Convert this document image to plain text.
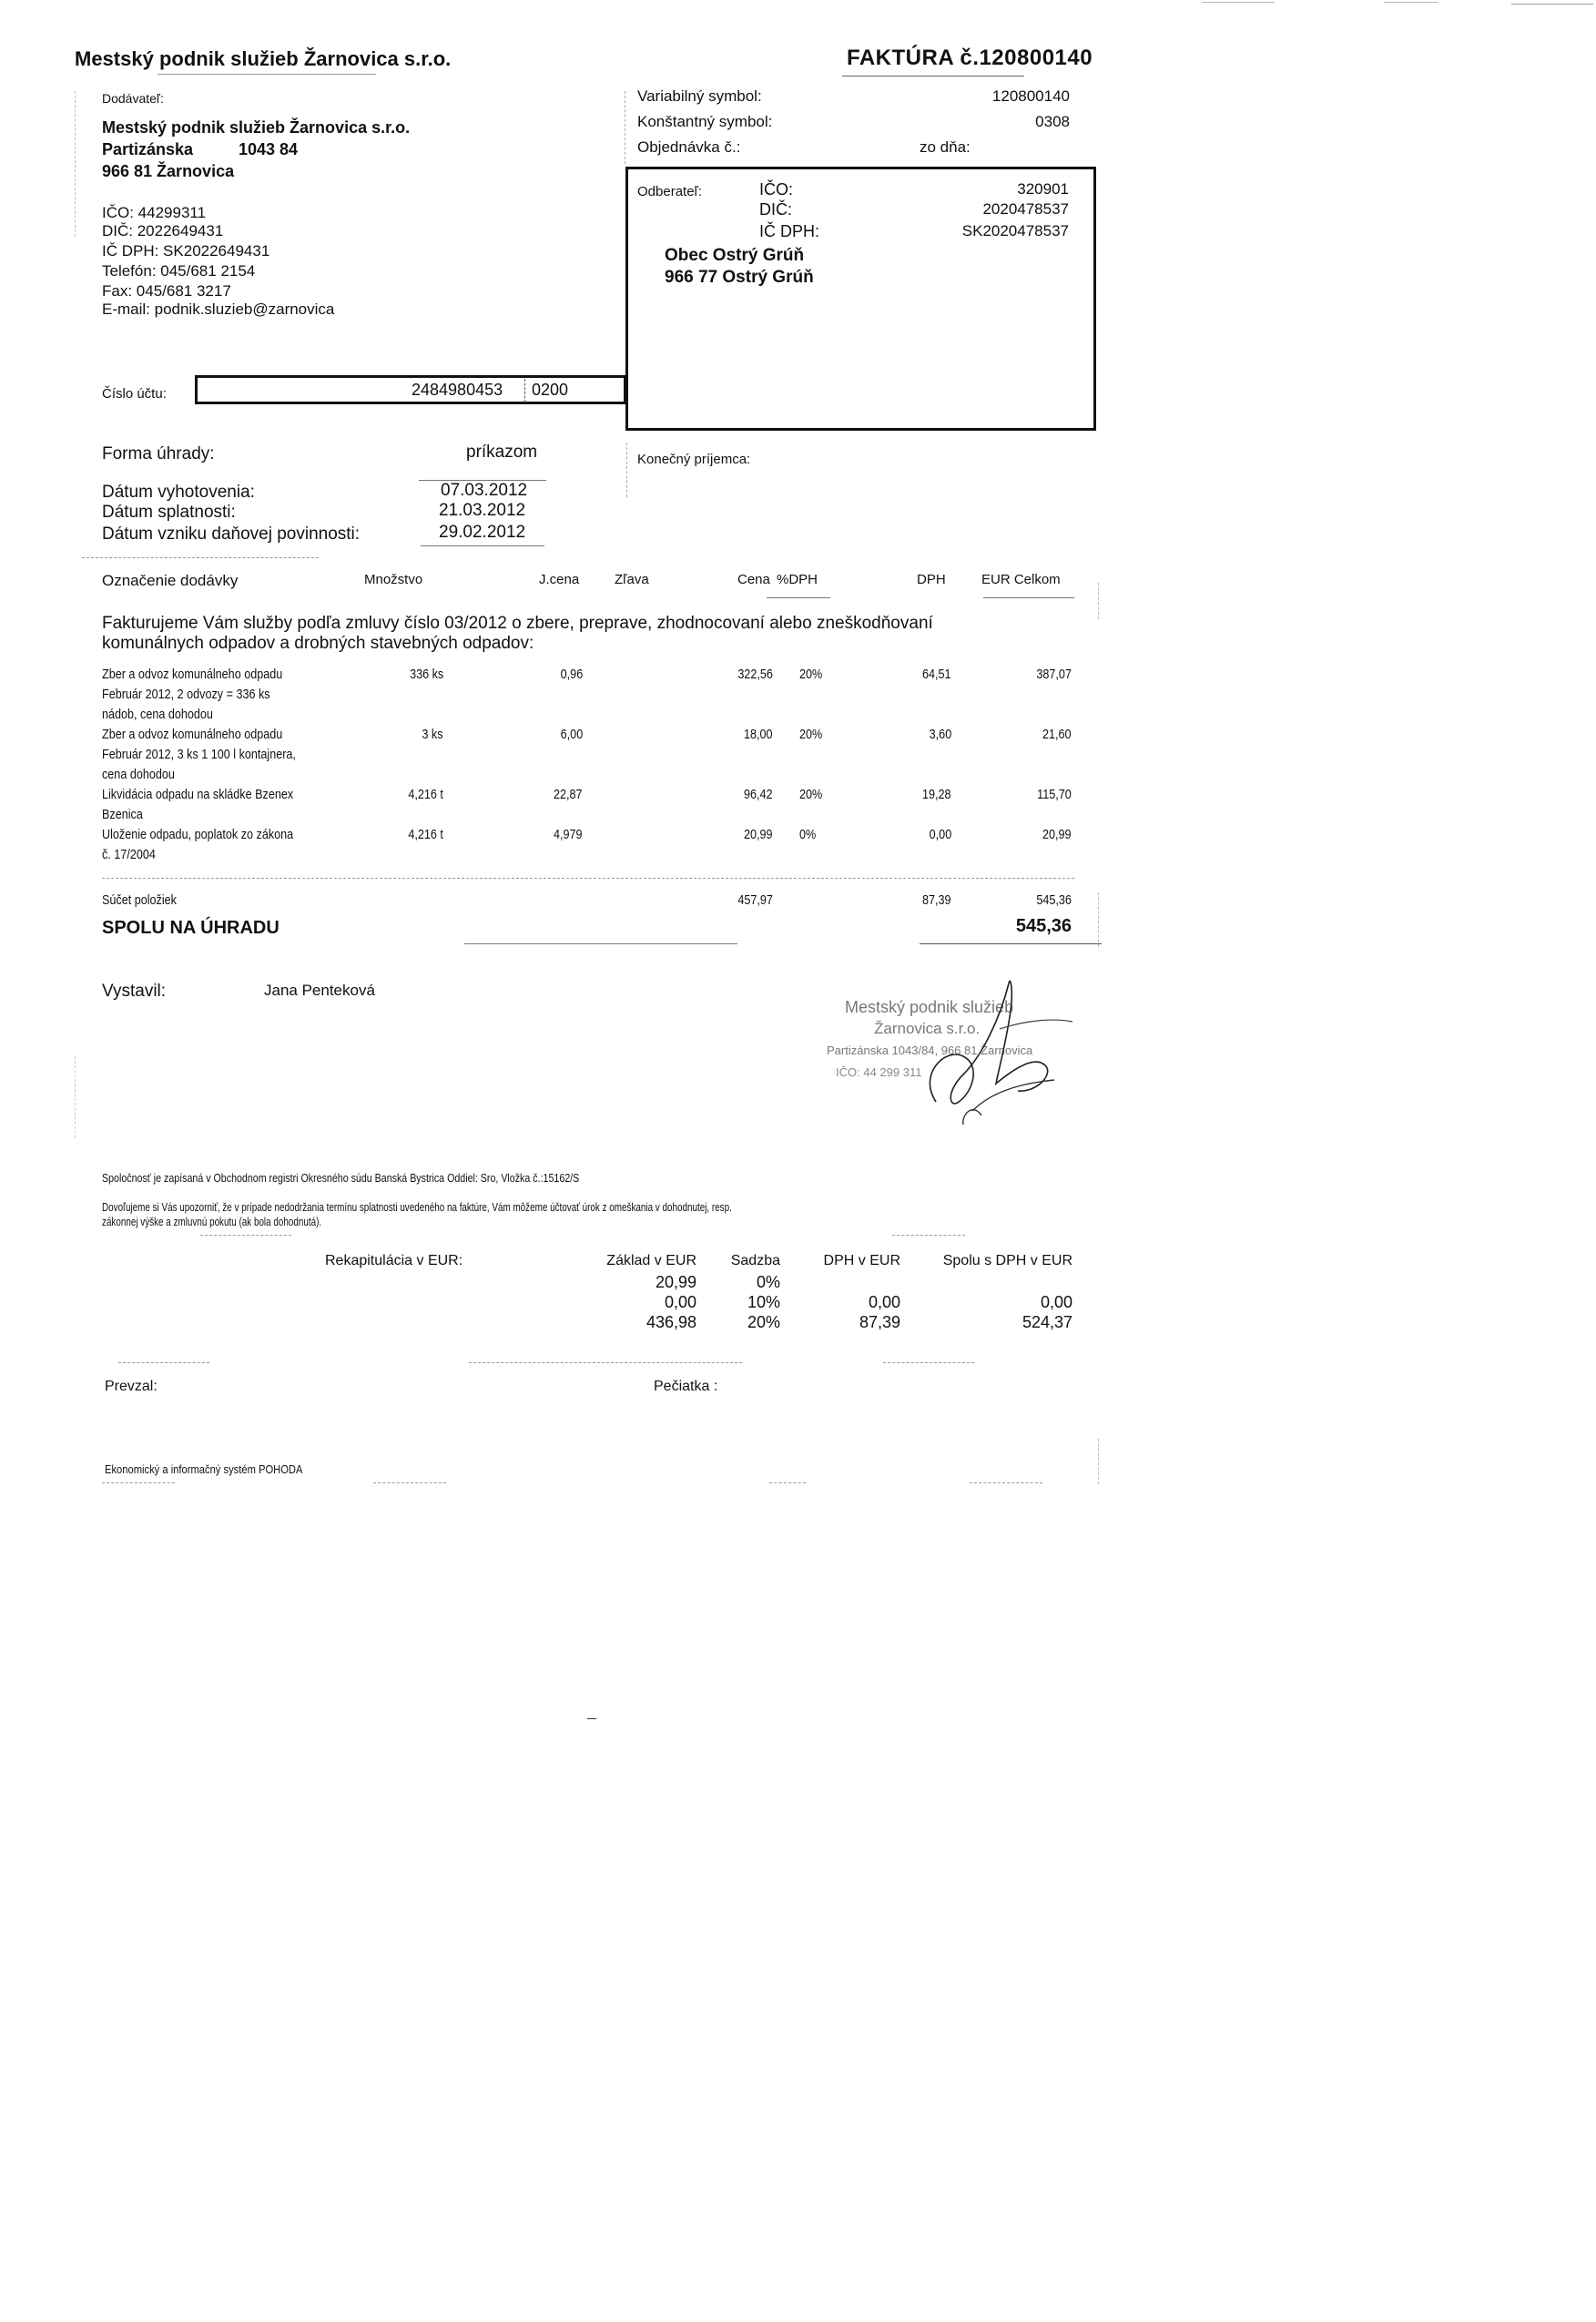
Mestský podnik služieb Žarnovica s.r.o.	FAKTÚRA č.120800140
Dodávateľ:
Mestský podnik služieb Žarnovica s.r.o.
Partizánska	1043 84
966 81 Žarnovica
IČO: 44299311
DIČ: 2022649431
IČ DPH: SK2022649431
Telefón: 045/681 2154
Fax: 045/681 3217
E-mail: podnik.sluzieb@zarnovica
Variabilný symbol:	120800140
Konštantný symbol:	0308
Objednávka č.:	zo dňa:
Odberateľ:	IČO:	320901
DIČ:	2020478537
IČ DPH:	SK2020478537
Obec Ostrý Grúň
966 77 Ostrý Grúň
Číslo účtu:	2484980453 0200
Forma úhrady:	príkazom	Konečný príjemca:
Dátum vyhotovenia:	07.03.2012
Dátum splatnosti:	21.03.2012
Dátum vzniku daňovej povinnosti:	29.02.2012
Označenie dodávky	Množstvo	J.cena	Zľava	Cena %DPH	DPH	EUR Celkom
Fakturujeme Vám služby podľa zmluvy číslo 03/2012 o zbere, preprave, zhodnocovaní alebo zneškodňovaní
komunálnych odpadov a drobných stavebných odpadov:
Zber a odvoz komunálneho odpadu
Február 2012, 2 odvozy = 336 ks
nádob, cena dohodou
336 ks	0,96	322,56 20%	64,51	387,07
Zber a odvoz komunálneho odpadu
Február 2012, 3 ks 1 100 l kontajnera,
cena dohodou
3 ks	6,00	18,00 20%	3,60	21,60
Likvidácia odpadu na skládke Bzenex
Bzenica
4,216 t	22,87	96,42 20%	19,28	115,70
Uloženie odpadu, poplatok zo zákona
č. 17/2004
4,216 t	4,979	20,99 0%	0,00	20,99
Súčet položiek	457,97	87,39	545,36
SPOLU NA ÚHRADU	545,36
Vystavil:	Jana Penteková
Mestský podnik služieb
Žarnovica s.r.o.
Partizánska 1043/84, 966 81 Žarnovica
IČO: 44 299 311
Spoločnosť je zapísaná v Obchodnom registri Okresného súdu Banská Bystrica Oddiel: Sro, Vložka č.:15162/S
Dovoľujeme si Vás upozorniť, že v prípade nedodržania termínu splatnosti uvedeného na faktúre, Vám môžeme účtovať úrok z omeškania v dohodnutej, resp.
zákonnej výške a zmluvnú pokutu (ak bola dohodnutá).
Rekapitulácia v EUR:	Základ v EUR Sadzba	DPH v EUR	Spolu s DPH v EUR
20,99	0%
0,00	10%	0,00	0,00
436,98	20%	87,39	524,37
Prevzal:	Pečiatka :
Ekonomický a informačný systém POHODA
